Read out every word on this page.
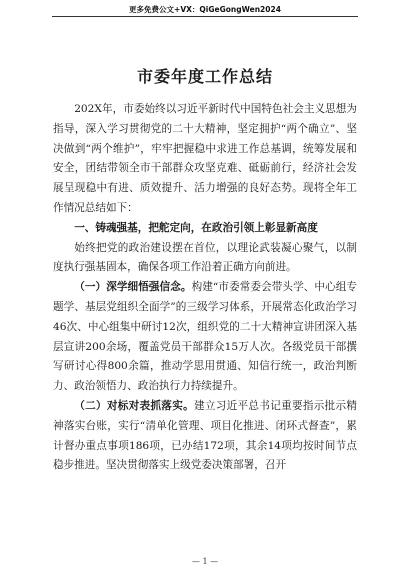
更多免费公文+VX：QiGeGongWen2024
市委年度工作总结

202X年，市委始终以习近平新时代中国特色社会主义思想为指导，深入学习贯彻党的二十大精神，坚定拥护“两个确立”、坚决做到“两个维护”，牢牢把握稳中求进工作总基调，统筹发展和安全，团结带领全市干部群众攻坚克难、砥砺前行，经济社会发展呈现稳中有进、质效提升、活力增强的良好态势。现将全年工作情况总结如下：

一、铸魂强基，把舵定向，在政治引领上彰显新高度

始终把党的政治建设摆在首位，以理论武装凝心聚气，以制度执行强基固本，确保各项工作沿着正确方向前进。

（一）深学细悟强信念。构建“市委常委会带头学、中心组专题学、基层党组织全面学”的三级学习体系，开展常态化政治学习46次、中心组集中研讨12次，组织党的二十大精神宣讲团深入基层宣讲200余场，覆盖党员干部群众15万人次。各级党员干部撰写研讨心得800余篇，推动学思用贯通、知信行统一，政治判断力、政治领悟力、政治执行力持续提升。

（二）对标对表抓落实。建立习近平总书记重要指示批示精神落实台账，实行“清单化管理、项目化推进、闭环式督查”，累计督办重点事项186项，已办结172项，其余14项均按时间节点稳步推进。坚决贯彻落实上级党委决策部署，召开

— 1 —
